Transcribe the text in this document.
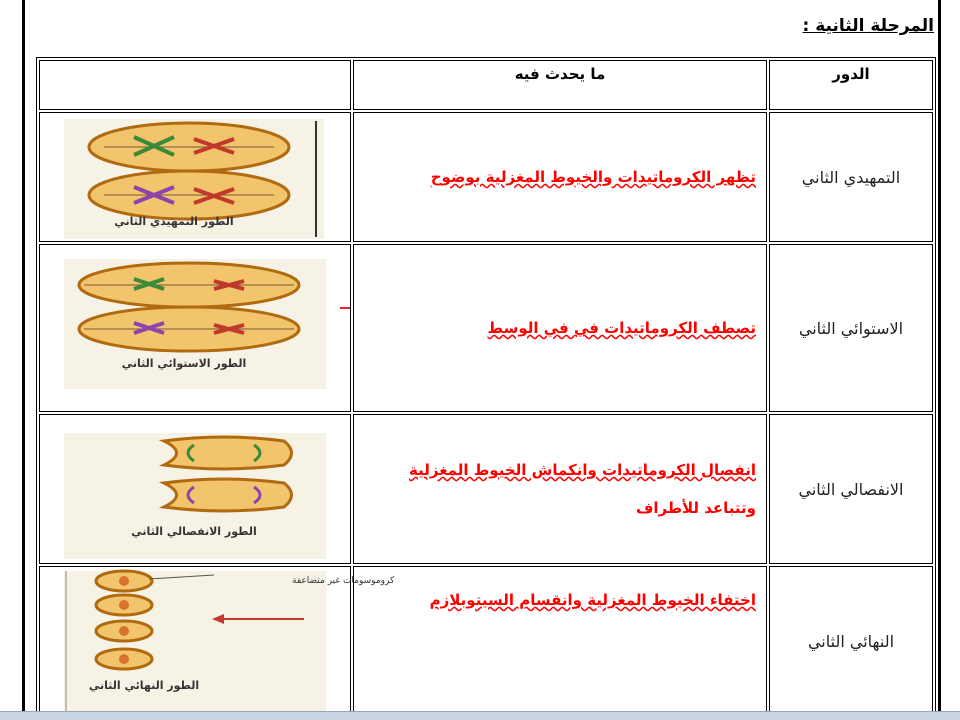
المرحلة الثانية :
الدور	ما يحدث فيه	
التمهيدي الثاني	تظهر الكروماتيدات والخيوط المغزلية بوضوح	الطور التمهيدي الثاني

الاستوائي الثاني	تصطف الكروماتيدات في في الوسط	الطور الاستوائي الثاني

الانفصالي الثاني	انفصال الكروماتيدات وانكماش الخيوط المغزلية
وتتباعد للأطراف	الطور الانفصالي الثاني

النهائي الثاني	اختفاء الخيوط المغزلية وانقسام السيتوبلازم	كروموسومات غير متضاعفة
الطور النهائي الثاني
